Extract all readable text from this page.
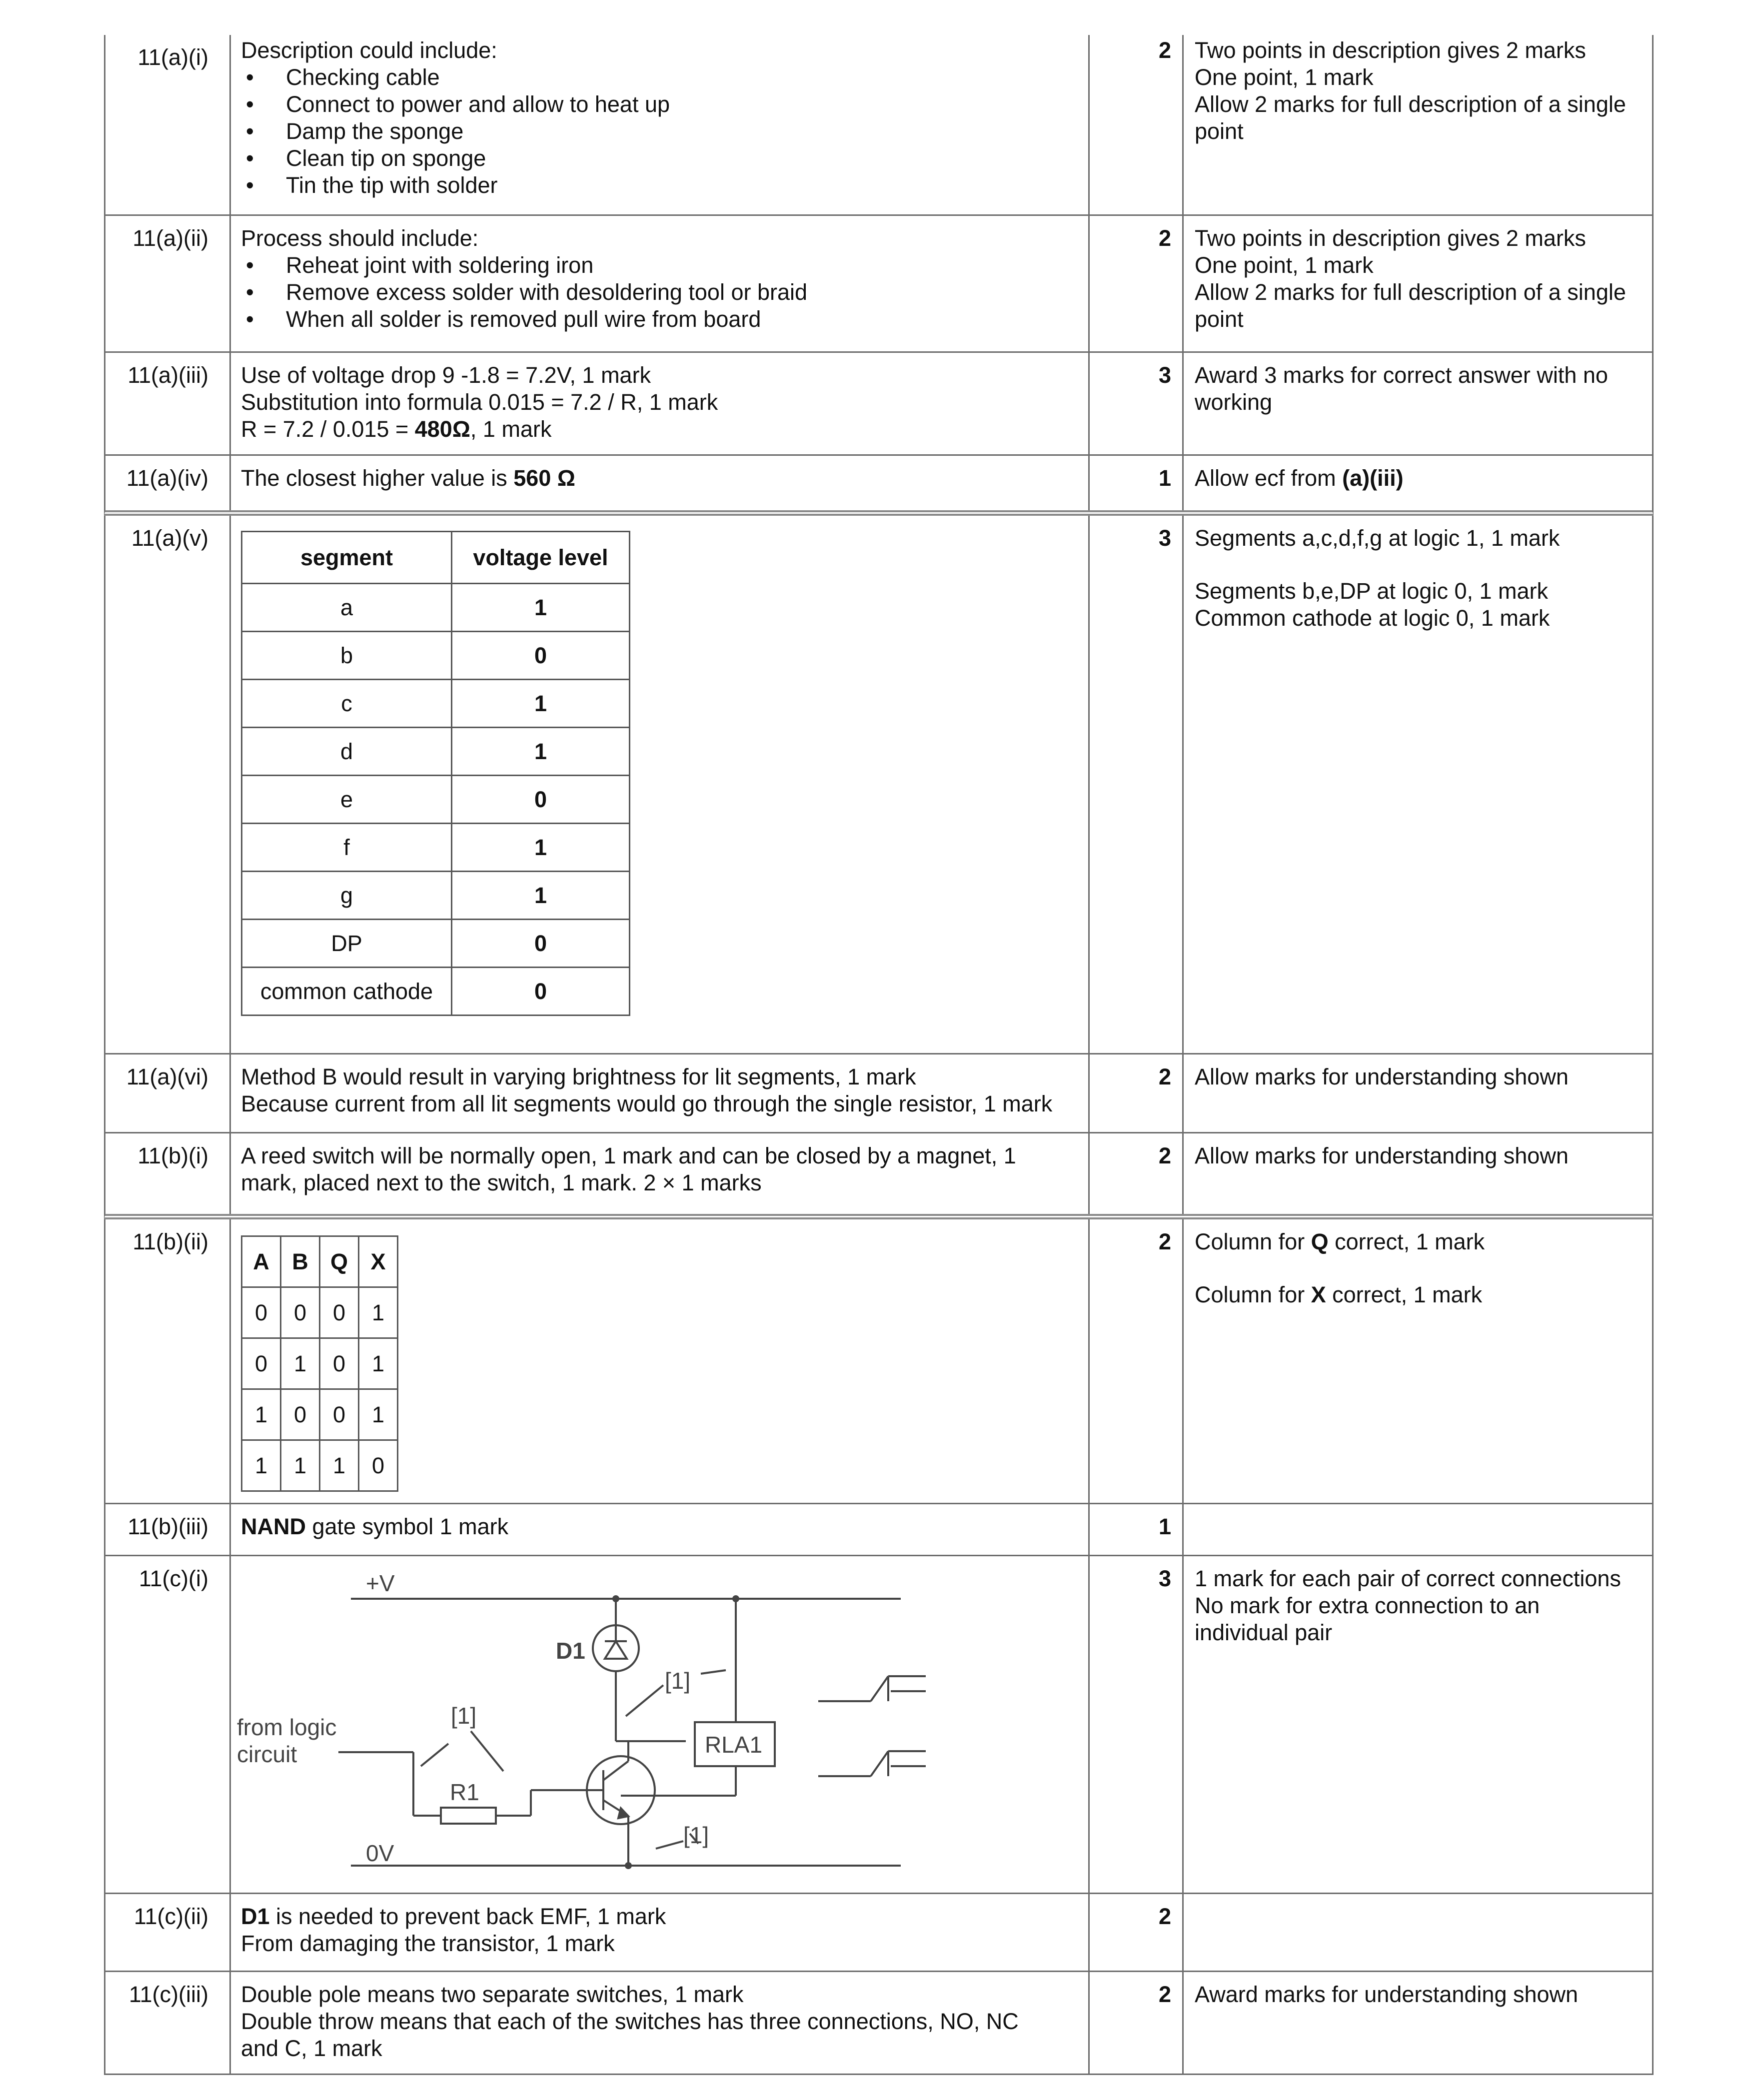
11(a)(i)	Description could include:
• Checking cable
• Connect to power and allow to heat up
• Damp the sponge
• Clean tip on sponge
• Tin the tip with solder
2	Two points in description gives 2 marks
One point, 1 mark
Allow 2 marks for full description of a single point
11(a)(ii)	Process should include:
• Reheat joint with soldering iron
• Remove excess solder with desoldering tool or braid
• When all solder is removed pull wire from board
2	Two points in description gives 2 marks
One point, 1 mark
Allow 2 marks for full description of a single point
11(a)(iii)	Use of voltage drop 9 -1.8 = 7.2V, 1 mark
Substitution into formula 0.015 = 7.2 / R, 1 mark
R = 7.2 / 0.015 = 480Ω, 1 mark
3	Award 3 marks for correct answer with no working
11(a)(iv)	The closest higher value is 560 Ω	1	Allow ecf from (a)(iii)
11(a)(v)
segment	voltage level
a	1
b	0
c	1
d	1
e	0
f	1
g	1
DP	0
common cathode	0
3	Segments a,c,d,f,g at logic 1, 1 mark
Segments b,e,DP at logic 0, 1 mark
Common cathode at logic 0, 1 mark
11(a)(vi)	Method B would result in varying brightness for lit segments, 1 mark
Because current from all lit segments would go through the single resistor, 1 mark
2	Allow marks for understanding shown
11(b)(i)	A reed switch will be normally open, 1 mark and can be closed by a magnet, 1
mark, placed next to the switch, 1 mark. 2 × 1 marks
2	Allow marks for understanding shown
11(b)(ii)
A	B	Q	X
0	0	0	1
0	1	0	1
1	0	0	1
1	1	1	0
2	Column for Q correct, 1 mark
Column for X correct, 1 mark
11(b)(iii)	NAND gate symbol 1 mark	1
11(c)(i)	+V
0V
D1
[1]
[1]
[1]
from logic
circuit
R1
RLA1
3	1 mark for each pair of correct connections
No mark for extra connection to an individual pair
11(c)(ii)	D1 is needed to prevent back EMF, 1 mark
From damaging the transistor, 1 mark
2
11(c)(iii)	Double pole means two separate switches, 1 mark
Double throw means that each of the switches has three connections, NO, NC
and C, 1 mark
2	Award marks for understanding shown
